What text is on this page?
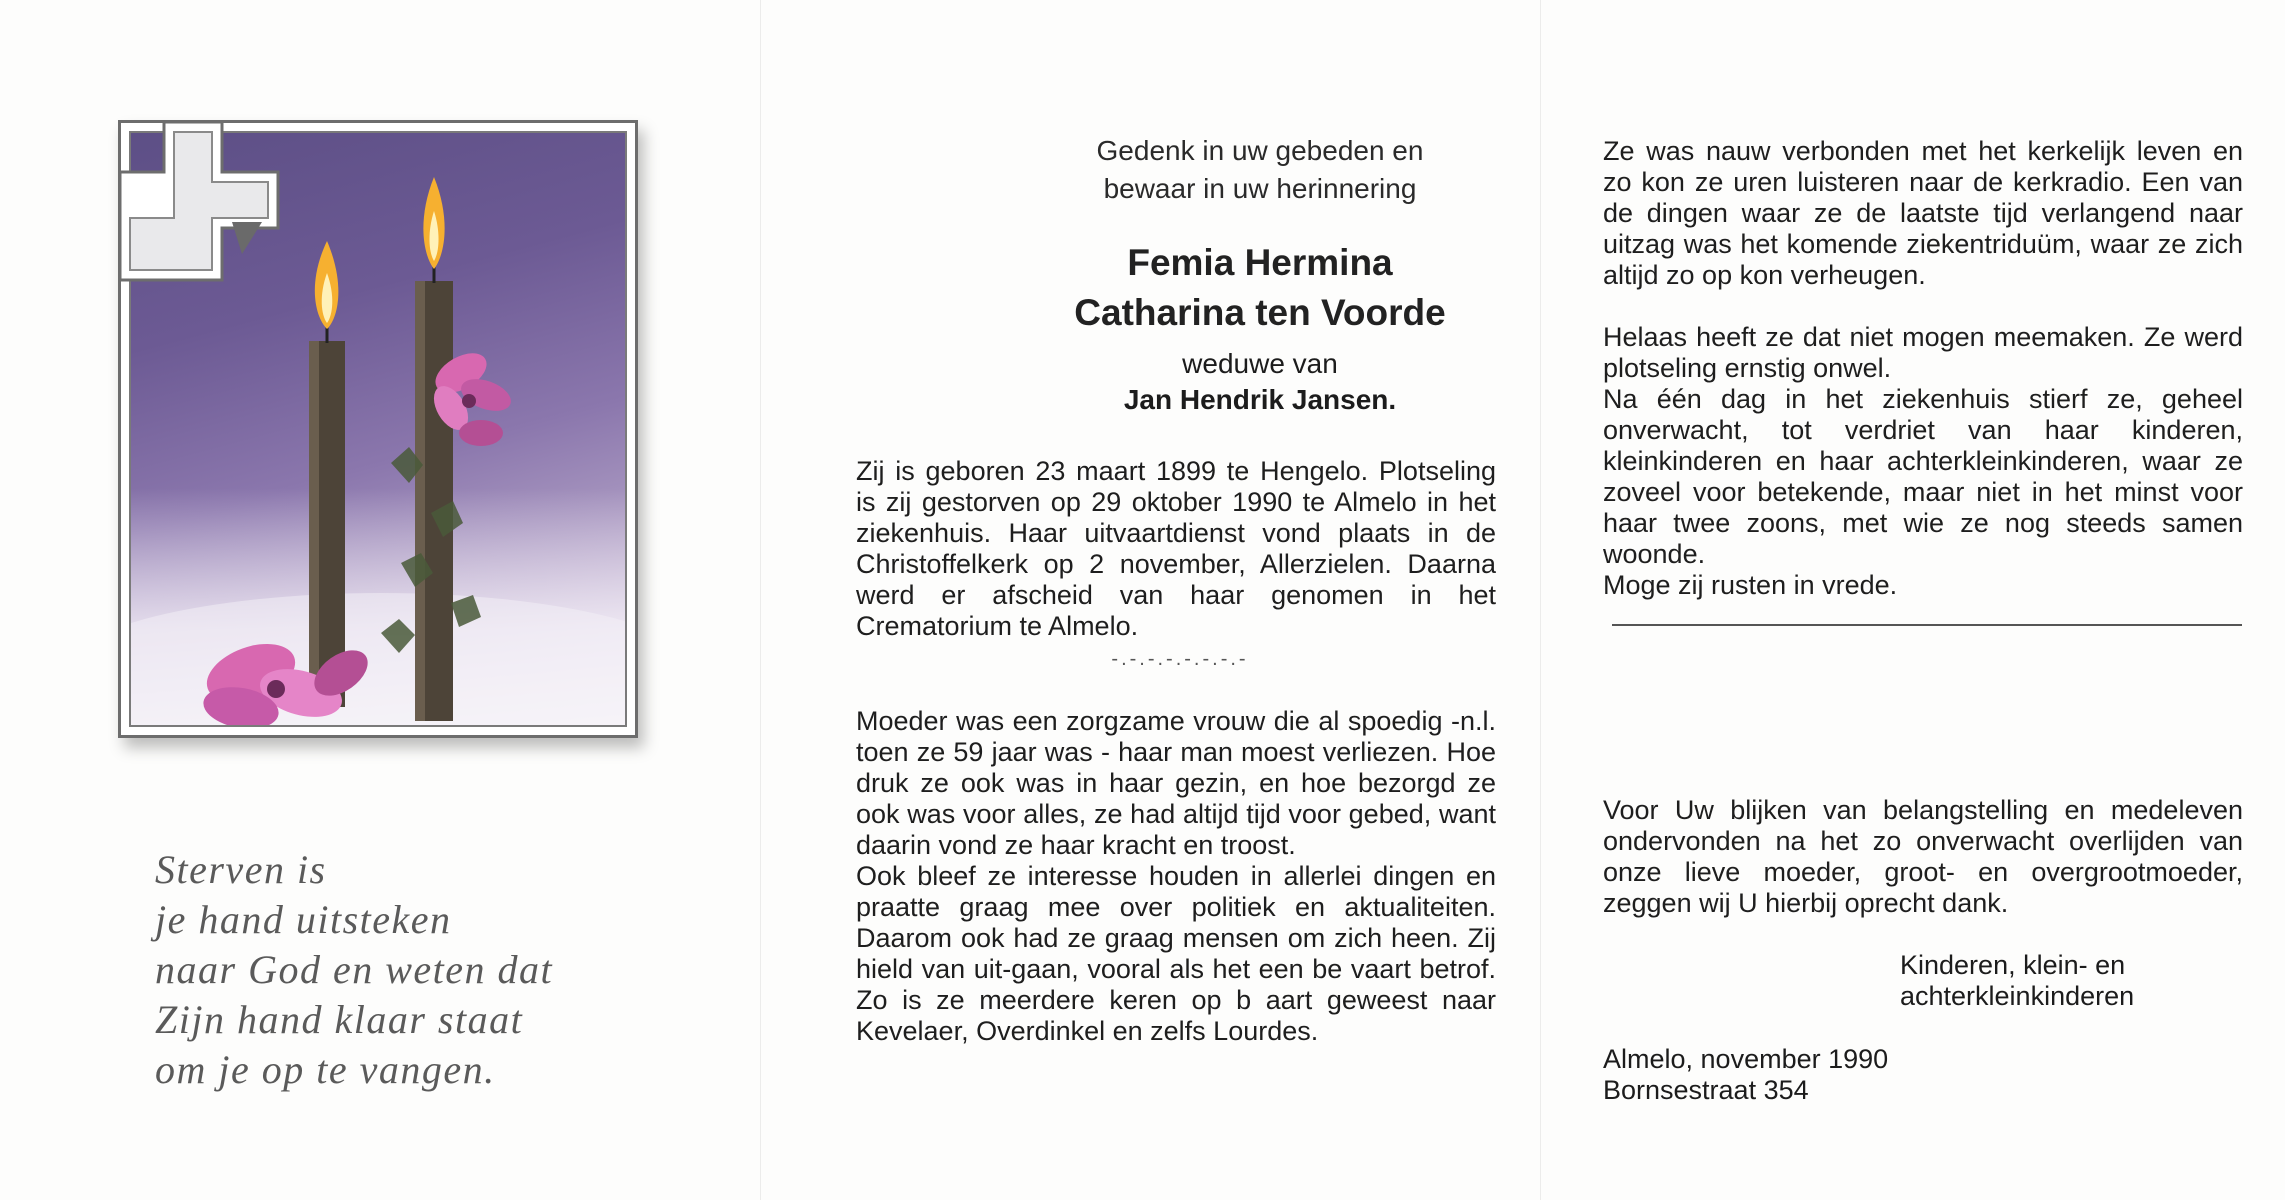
Sterven is
je hand uitsteken
naar God en weten dat
Zijn hand klaar staat
om je op te vangen.
Gedenk in uw gebeden en
bewaar in uw herinnering
Femia Hermina
Catharina ten Voorde
weduwe van
Jan Hendrik Jansen.

Zij is geboren 23 maart 1899 te Hengelo. Plotseling is zij gestorven op 29 oktober 1990 te Almelo in het ziekenhuis. Haar uitvaartdienst vond plaats in de Christoffelkerk op 2 november, Allerzielen. Daarna werd er afscheid van haar genomen in het Crematorium te Almelo.

-.-.-.-.-.-.-.-

Moeder was een zorgzame vrouw die al spoedig -n.l. toen ze 59 jaar was - haar man moest verliezen. Hoe druk ze ook was in haar gezin, en hoe bezorgd ze ook was voor alles, ze had altijd tijd voor gebed, want daarin vond ze haar kracht en troost.

Ook bleef ze interesse houden in allerlei dingen en praatte graag mee over politiek en aktualiteiten. Daarom ook had ze graag mensen om zich heen. Zij hield van uit-gaan, vooral als het een be vaart betrof. Zo is ze meerdere keren op b aart geweest naar Kevelaer, Overdinkel en zelfs Lourdes.

Ze was nauw verbonden met het kerkelijk leven en zo kon ze uren luisteren naar de kerkradio. Een van de dingen waar ze de laatste tijd verlangend naar uitzag was het komende ziekentriduüm, waar ze zich altijd zo op kon verheugen.

Helaas heeft ze dat niet mogen meemaken. Ze werd plotseling ernstig onwel.

Na één dag in het ziekenhuis stierf ze, geheel onverwacht, tot verdriet van haar kinderen, kleinkinderen en haar achterkleinkinderen, waar ze zoveel voor betekende, maar niet in het minst voor haar twee zoons, met wie ze nog steeds samen woonde.

Moge zij rusten in vrede.

Voor Uw blijken van belangstelling en medeleven ondervonden na het zo onverwacht overlijden van onze lieve moeder, groot- en overgrootmoeder, zeggen wij U hierbij oprecht dank.

Kinderen, klein- en

achterkleinkinderen

Almelo, november 1990

Bornsestraat 354
